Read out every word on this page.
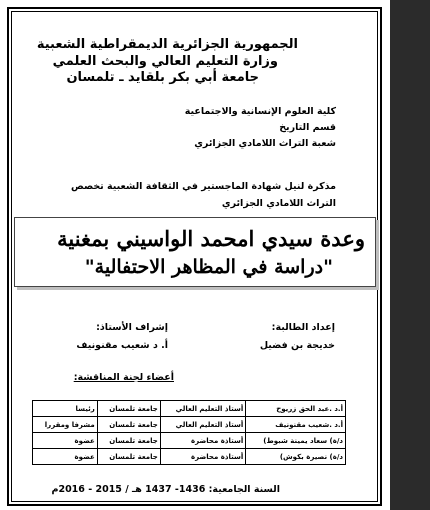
الجمهورية الجزائرية الديمقراطية الشعبية
وزارة التعليم العالي والبحث العلمي
جامعة أبي بكر بلقايد ـ تلمسان
كلية العلوم الإنسانية والاجتماعية
قسم التاريخ
شعبة التراث اللامادي الجزائري
مذكرة لنيل شهادة الماجستير في الثقافة الشعبية تخصص
التراث اللامادي الجزائري
وعدة سيدي امحمد الواسيني بمغنية
"دراسة في المظاهر الاحتفالية"
إعداد الطالبة:
خديجة بن فضيل
إشراف الأستاذ:
أ. د شعيب مقنونيف
أعضاء لجنة المناقشة:
أ.د .عبد الحق زريوح	أستاذ التعليم العالي	جامعة تلمسان	رئيسا
أ.د .شعيب مقنونيف	أستاذ التعليم العالي	جامعة تلمسان	مشرفا ومقررا
د/ة) سعاد يمينة شبوط)	أستاذة محاضرة	جامعة تلمسان	عضوة
د/ة) نصيرة بكوش)	أستاذة محاضرة	جامعة تلمسان	عضوة
السنة الجامعية: 1436- 1437 هـ / 2015 - 2016م
